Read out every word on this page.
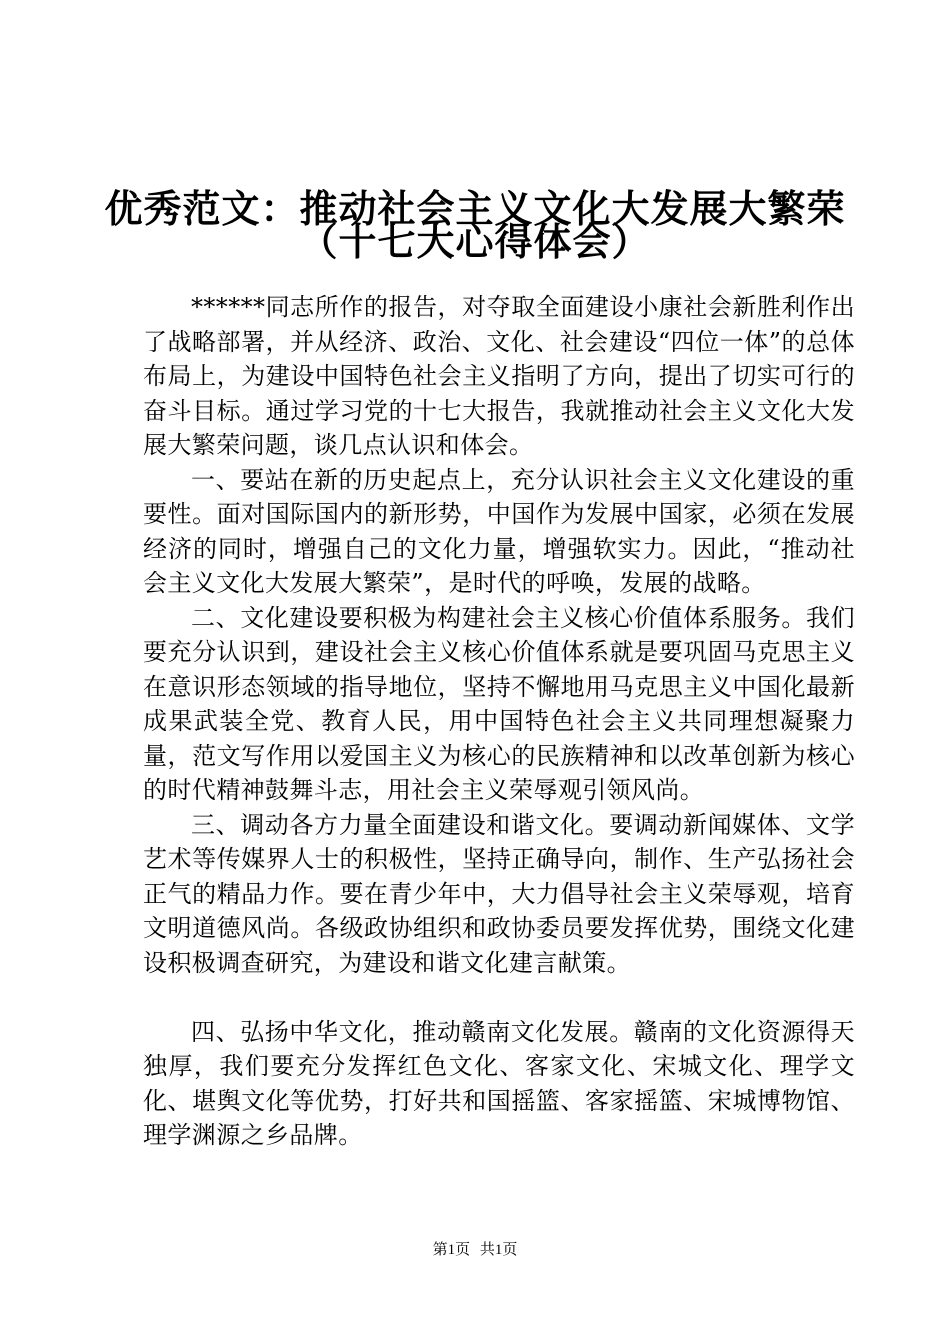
优秀范文：推动社会主义文化大发展大繁荣
（十七大心得体会）

******同志所作的报告，对夺取全面建设小康社会新胜利作出了战略部署，并从经济、政治、文化、社会建设“四位一体”的总体布局上，为建设中国特色社会主义指明了方向，提出了切实可行的奋斗目标。通过学习党的十七大报告，我就推动社会主义文化大发展大繁荣问题，谈几点认识和体会。

一、要站在新的历史起点上，充分认识社会主义文化建设的重要性。面对国际国内的新形势，中国作为发展中国家，必须在发展经济的同时，增强自己的文化力量，增强软实力。因此，“推动社会主义文化大发展大繁荣”，是时代的呼唤，发展的战略。

二、文化建设要积极为构建社会主义核心价值体系服务。我们要充分认识到，建设社会主义核心价值体系就是要巩固马克思主义在意识形态领域的指导地位，坚持不懈地用马克思主义中国化最新成果武装全党、教育人民，用中国特色社会主义共同理想凝聚力量，范文写作用以爱国主义为核心的民族精神和以改革创新为核心的时代精神鼓舞斗志，用社会主义荣辱观引领风尚。

三、调动各方力量全面建设和谐文化。要调动新闻媒体、文学艺术等传媒界人士的积极性，坚持正确导向，制作、生产弘扬社会正气的精品力作。要在青少年中，大力倡导社会主义荣辱观，培育文明道德风尚。各级政协组织和政协委员要发挥优势，围绕文化建设积极调查研究，为建设和谐文化建言献策。

四、弘扬中华文化，推动赣南文化发展。赣南的文化资源得天独厚，我们要充分发挥红色文化、客家文化、宋城文化、理学文化、堪舆文化等优势，打好共和国摇篮、客家摇篮、宋城博物馆、理学渊源之乡品牌。

第1页 共1页
